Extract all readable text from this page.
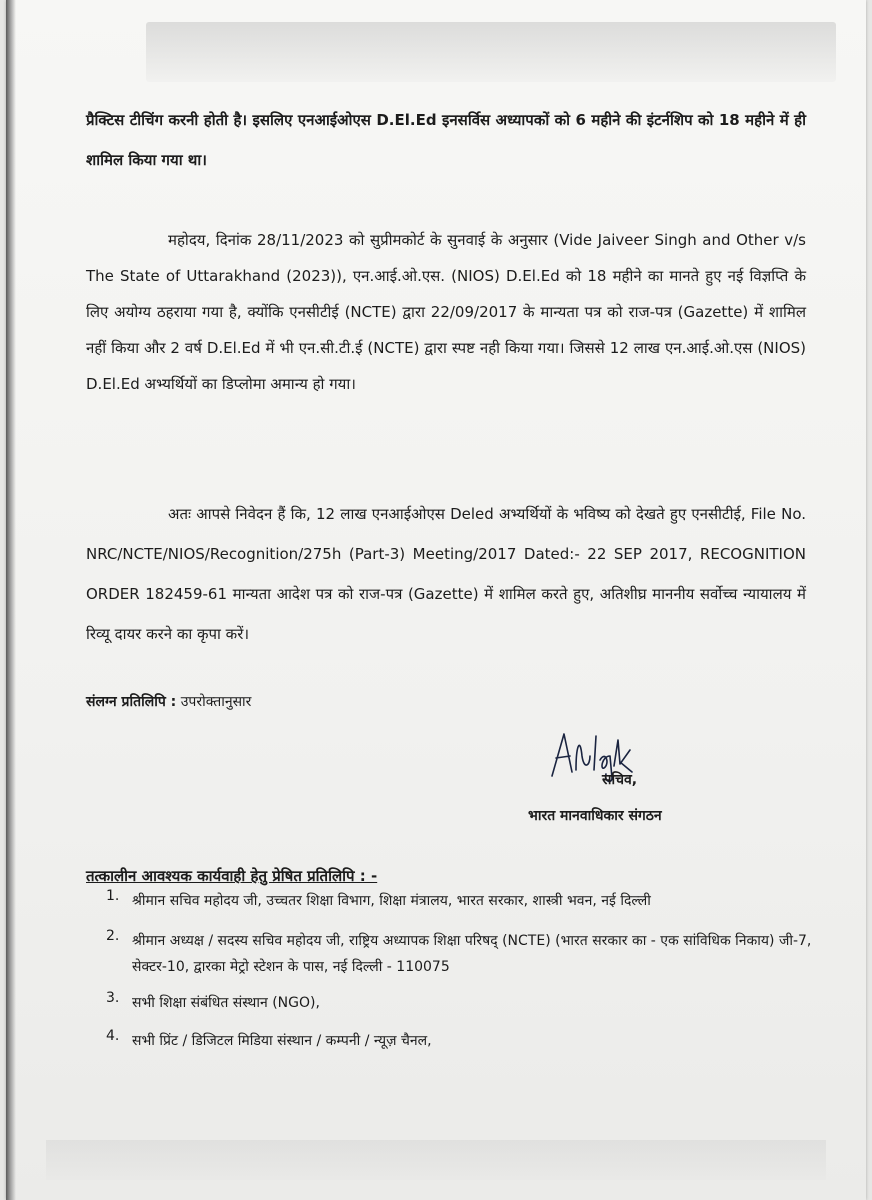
प्रैक्टिस टीचिंग करनी होती है। इसलिए एनआईओएस D.El.Ed इनसर्विस अध्यापकों को 6 महीने की इंटर्नशिप को 18 महीने में ही शामिल किया गया था।

महोदय, दिनांक 28/11/2023 को सुप्रीमकोर्ट के सुनवाई के अनुसार (Vide Jaiveer Singh and Other v/s The State of Uttarakhand (2023)), एन.आई.ओ.एस. (NIOS) D.El.Ed को 18 महीने का मानते हुए नई विज्ञप्ति के लिए अयोग्य ठहराया गया है, क्योंकि एनसीटीई (NCTE) द्वारा 22/09/2017 के मान्यता पत्र को राज-पत्र (Gazette) में शामिल नहीं किया और 2 वर्ष D.El.Ed में भी एन.सी.टी.ई (NCTE) द्वारा स्पष्ट नही किया गया। जिससे 12 लाख एन.आई.ओ.एस (NIOS) D.El.Ed अभ्यर्थियों का डिप्लोमा अमान्य हो गया।

अतः आपसे निवेदन हैं कि, 12 लाख एनआईओएस Deled अभ्यर्थियों के भविष्य को देखते हुए एनसीटीई, File No. NRC/NCTE/NIOS/Recognition/275h (Part-3) Meeting/2017 Dated:- 22 SEP 2017, RECOGNITION ORDER 182459-61 मान्यता आदेश पत्र को राज-पत्र (Gazette) में शामिल करते हुए, अतिशीघ्र माननीय सर्वोच्च न्यायालय में रिव्यू दायर करने का कृपा करें।

संलग्न प्रतिलिपि : उपरोक्तानुसार
सचिव,
भारत मानवाधिकार संगठन
तत्कालीन आवश्यक कार्यवाही हेतु प्रेषित प्रतिलिपि : -
1. श्रीमान सचिव महोदय जी, उच्चतर शिक्षा विभाग, शिक्षा मंत्रालय, भारत सरकार, शास्त्री भवन, नई दिल्ली
2. श्रीमान अध्यक्ष / सदस्य सचिव महोदय जी, राष्ट्रिय अध्यापक शिक्षा परिषद् (NCTE) (भारत सरकार का - एक सांविधिक निकाय) जी-7, सेक्टर-10, द्वारका मेट्रो स्टेशन के पास, नई दिल्ली - 110075
3. सभी शिक्षा संबंधित संस्थान (NGO),
4. सभी प्रिंट / डिजिटल मिडिया संस्थान / कम्पनी / न्यूज़ चैनल,
